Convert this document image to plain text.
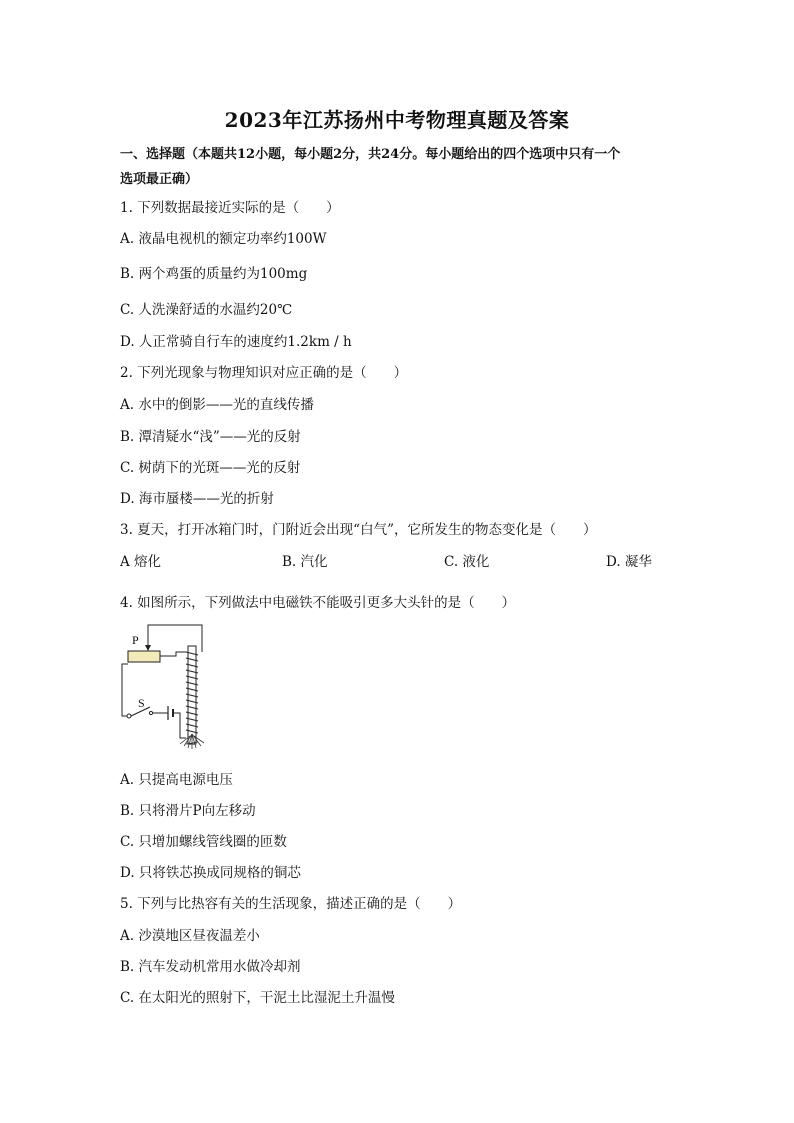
2023年江苏扬州中考物理真题及答案
一、选择题（本题共12小题，每小题2分，共24分。每小题给出的四个选项中只有一个
选项最正确）
1. 下列数据最接近实际的是（　　）
A. 液晶电视机的额定功率约100W
B. 两个鸡蛋的质量约为100mg
C. 人洗澡舒适的水温约20℃
D. 人正常骑自行车的速度约1.2km / h
2. 下列光现象与物理知识对应正确的是（　　）
A. 水中的倒影——光的直线传播
B. 潭清疑水“浅”——光的反射
C. 树荫下的光斑——光的反射
D. 海市蜃楼——光的折射
3. 夏天，打开冰箱门时，门附近会出现“白气”，它所发生的物态变化是（　　）
A 熔化	B. 汽化	C. 液化	D. 凝华
4. 如图所示，下列做法中电磁铁不能吸引更多大头针的是（　　）
P
S
A. 只提高电源电压
B. 只将滑片P向左移动
C. 只增加螺线管线圈的匝数
D. 只将铁芯换成同规格的铜芯
5. 下列与比热容有关的生活现象，描述正确的是（　　）
A. 沙漠地区昼夜温差小
B. 汽车发动机常用水做冷却剂
C. 在太阳光的照射下，干泥土比湿泥土升温慢
